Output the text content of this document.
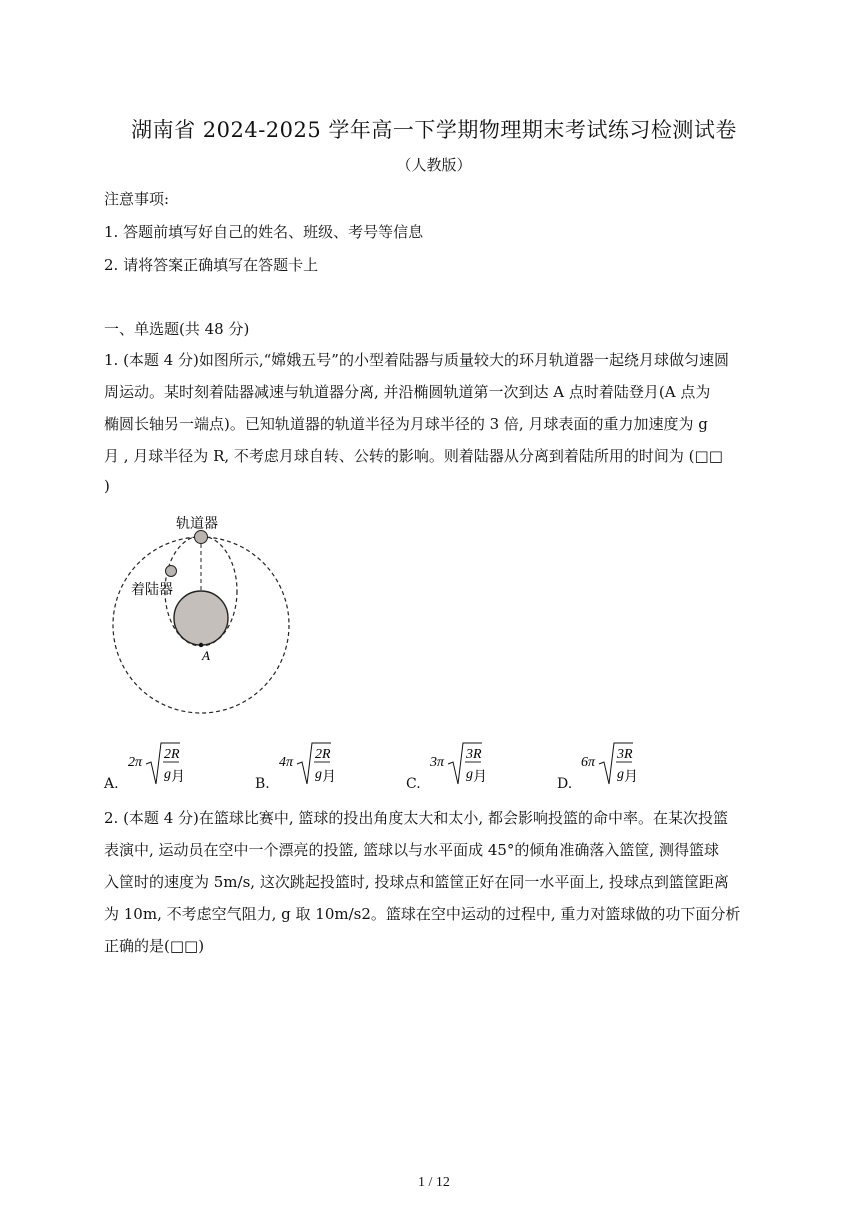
湖南省 2024-2025 学年高一下学期物理期末考试练习检测试卷
（人教版）
注意事项:
1. 答题前填写好自己的姓名、班级、考号等信息
2. 请将答案正确填写在答题卡上
一、单选题(共 48 分)
1. (本题 4 分)如图所示,“嫦娥五号”的小型着陆器与质量较大的环月轨道器一起绕月球做匀速圆
周运动。某时刻着陆器减速与轨道器分离, 并沿椭圆轨道第一次到达 A 点时着陆登月(A 点为
椭圆长轴另一端点)。已知轨道器的轨道半径为月球半径的 3 倍, 月球表面的重力加速度为 g
月 , 月球半径为 R, 不考虑月球自转、公转的影响。则着陆器从分离到着陆所用的时间为 (□□
)
A
轨道器
着陆器
A.
2π
2R
g 月	B.
4π
2R
g 月	C.
3π
3R
g 月	D.
6π
3R
g 月
2. (本题 4 分)在篮球比赛中, 篮球的投出角度太大和太小, 都会影响投篮的命中率。在某次投篮
表演中, 运动员在空中一个漂亮的投篮, 篮球以与水平面成 45°的倾角准确落入篮筐, 测得篮球
入筐时的速度为 5m/s, 这次跳起投篮时, 投球点和篮筐正好在同一水平面上, 投球点到篮筐距离
为 10m, 不考虑空气阻力, g 取 10m/s2。篮球在空中运动的过程中, 重力对篮球做的功下面分析
正确的是(□□)
1 / 12
